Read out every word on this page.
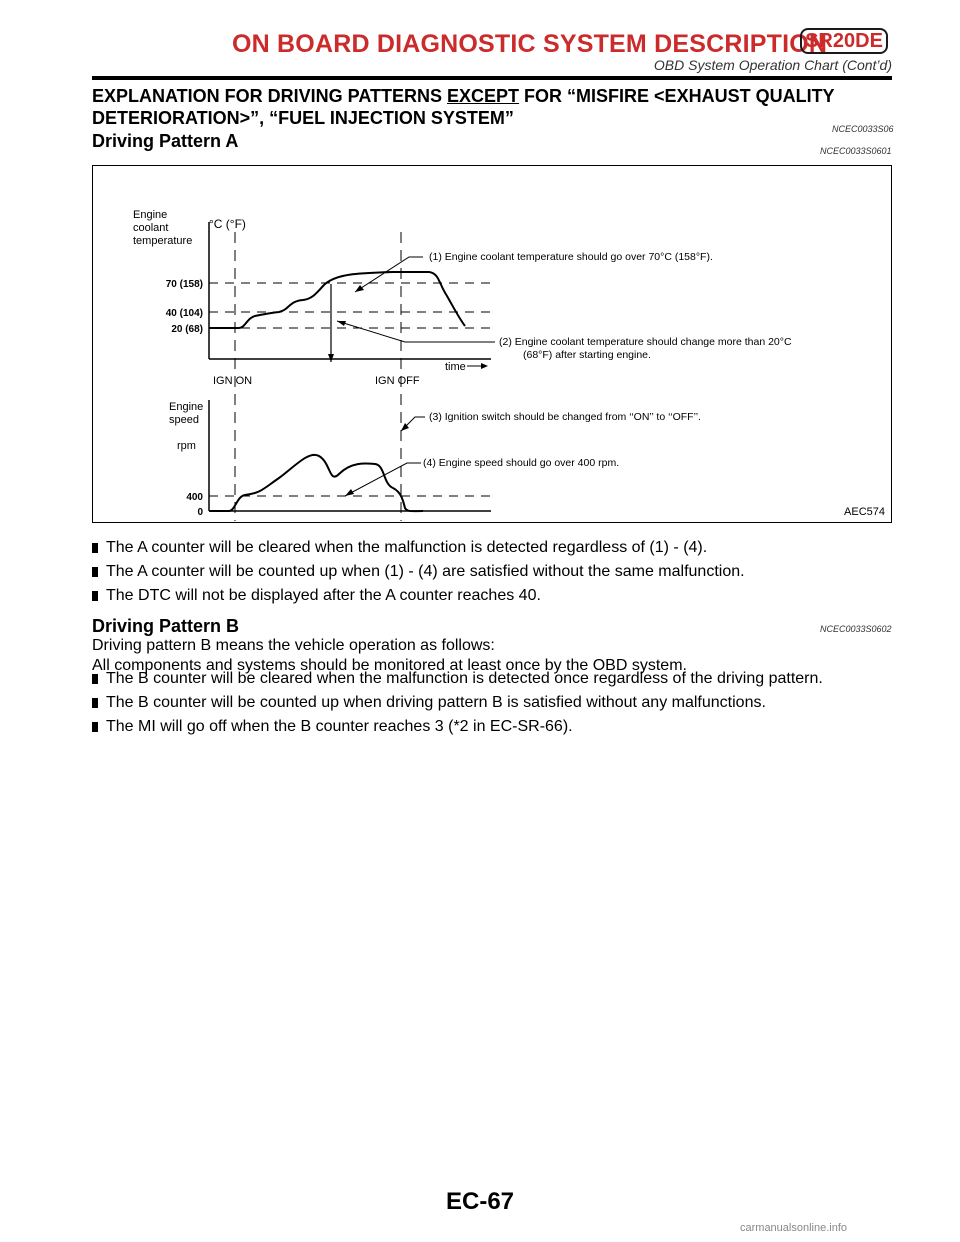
ON BOARD DIAGNOSTIC SYSTEM DESCRIPTION
SR20DE
OBD System Operation Chart (Cont’d)
EXPLANATION FOR DRIVING PATTERNS EXCEPT FOR “MISFIRE <EXHAUST QUALITY DETERIORATION>”, “FUEL INJECTION SYSTEM”
NCEC0033S06
Driving Pattern A	NCEC0033S0601
Engine
coolant
temperature
°C (°F)
70 (158)
40 (104)
20 (68)
time
IGN ON	IGN OFF
Engine
speed
rpm
400
0
(1) Engine coolant temperature should go over 70°C (158°F).
(2) Engine coolant temperature should change more than 20°C
(68°F) after starting engine.
(3) Ignition switch should be changed from ‘‘ON’’ to ‘‘OFF’’.
(4) Engine speed should go over 400 rpm.
AEC574
The A counter will be cleared when the malfunction is detected regardless of (1) - (4).
The A counter will be counted up when (1) - (4) are satisfied without the same malfunction.
The DTC will not be displayed after the A counter reaches 40.
Driving Pattern B	NCEC0033S0602
Driving pattern B means the vehicle operation as follows:
All components and systems should be monitored at least once by the OBD system.
The B counter will be cleared when the malfunction is detected once regardless of the driving pattern.
The B counter will be counted up when driving pattern B is satisfied without any malfunctions.
The MI will go off when the B counter reaches 3 (*2 in EC-SR-66).
EC-67
carmanualsonline.info
